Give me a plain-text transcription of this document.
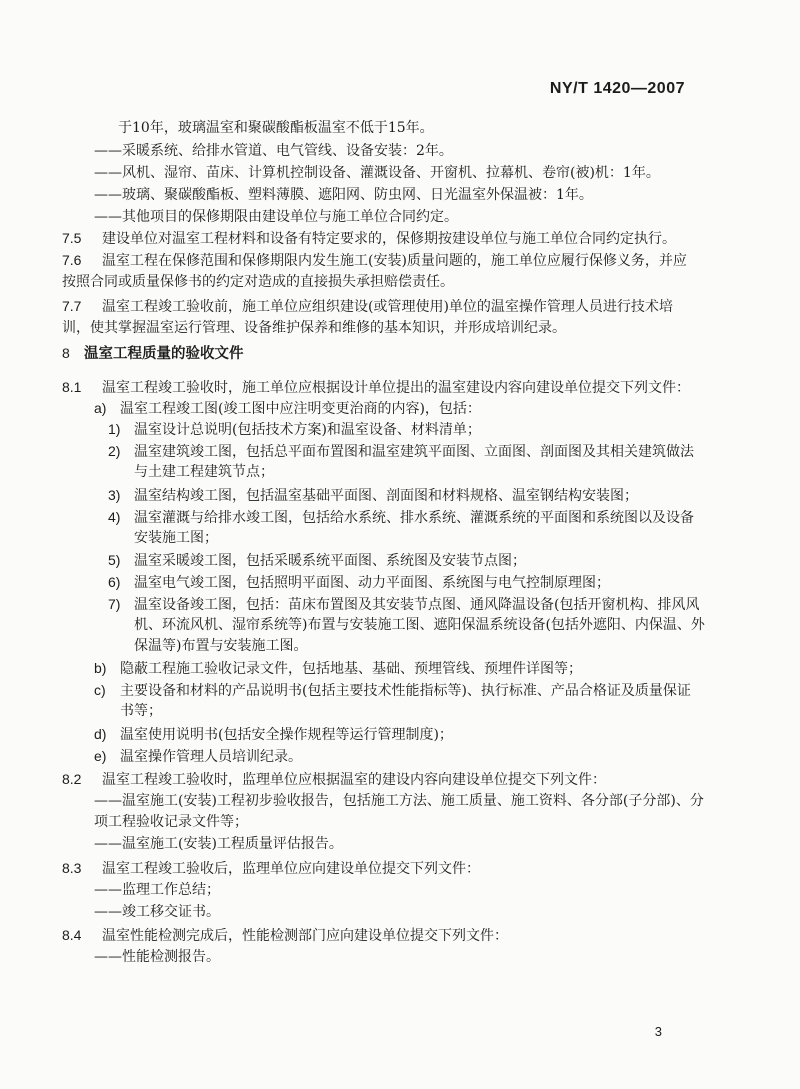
NY/T 1420—2007
于10年，玻璃温室和聚碳酸酯板温室不低于15年。
——采暖系统、给排水管道、电气管线、设备安装：2年。
——风机、湿帘、苗床、计算机控制设备、灌溉设备、开窗机、拉幕机、卷帘(被)机：1年。
——玻璃、聚碳酸酯板、塑料薄膜、遮阳网、防虫网、日光温室外保温被：1年。
——其他项目的保修期限由建设单位与施工单位合同约定。
7.5 建设单位对温室工程材料和设备有特定要求的，保修期按建设单位与施工单位合同约定执行。
7.6 温室工程在保修范围和保修期限内发生施工(安装)质量问题的，施工单位应履行保修义务，并应
按照合同或质量保修书的约定对造成的直接损失承担赔偿责任。
7.7 温室工程竣工验收前，施工单位应组织建设(或管理使用)单位的温室操作管理人员进行技术培
训，使其掌握温室运行管理、设备维护保养和维修的基本知识，并形成培训纪录。
8 温室工程质量的验收文件
8.1 温室工程竣工验收时，施工单位应根据设计单位提出的温室建设内容向建设单位提交下列文件：
a) 温室工程竣工图(竣工图中应注明变更治商的内容)，包括：
1) 温室设计总说明(包括技术方案)和温室设备、材料清单；
2) 温室建筑竣工图，包括总平面布置图和温室建筑平面图、立面图、剖面图及其相关建筑做法
与土建工程建筑节点；
3) 温室结构竣工图，包括温室基础平面图、剖面图和材料规格、温室钢结构安装图；
4) 温室灌溉与给排水竣工图，包括给水系统、排水系统、灌溉系统的平面图和系统图以及设备
安装施工图；
5) 温室采暖竣工图，包括采暖系统平面图、系统图及安装节点图；
6) 温室电气竣工图，包括照明平面图、动力平面图、系统图与电气控制原理图；
7) 温室设备竣工图，包括：苗床布置图及其安装节点图、通风降温设备(包括开窗机构、排风风
机、环流风机、湿帘系统等)布置与安装施工图、遮阳保温系统设备(包括外遮阳、内保温、外
保温等)布置与安装施工图。
b) 隐蔽工程施工验收记录文件，包括地基、基础、预埋管线、预埋件详图等；
c) 主要设备和材料的产品说明书(包括主要技术性能指标等)、执行标准、产品合格证及质量保证
书等；
d) 温室使用说明书(包括安全操作规程等运行管理制度)；
e) 温室操作管理人员培训纪录。
8.2 温室工程竣工验收时，监理单位应根据温室的建设内容向建设单位提交下列文件：
——温室施工(安装)工程初步验收报告，包括施工方法、施工质量、施工资料、各分部(子分部)、分
项工程验收记录文件等；
——温室施工(安装)工程质量评估报告。
8.3 温室工程竣工验收后，监理单位应向建设单位提交下列文件：
——监理工作总结；
——竣工移交证书。
8.4 温室性能检测完成后，性能检测部门应向建设单位提交下列文件：
——性能检测报告。
3
